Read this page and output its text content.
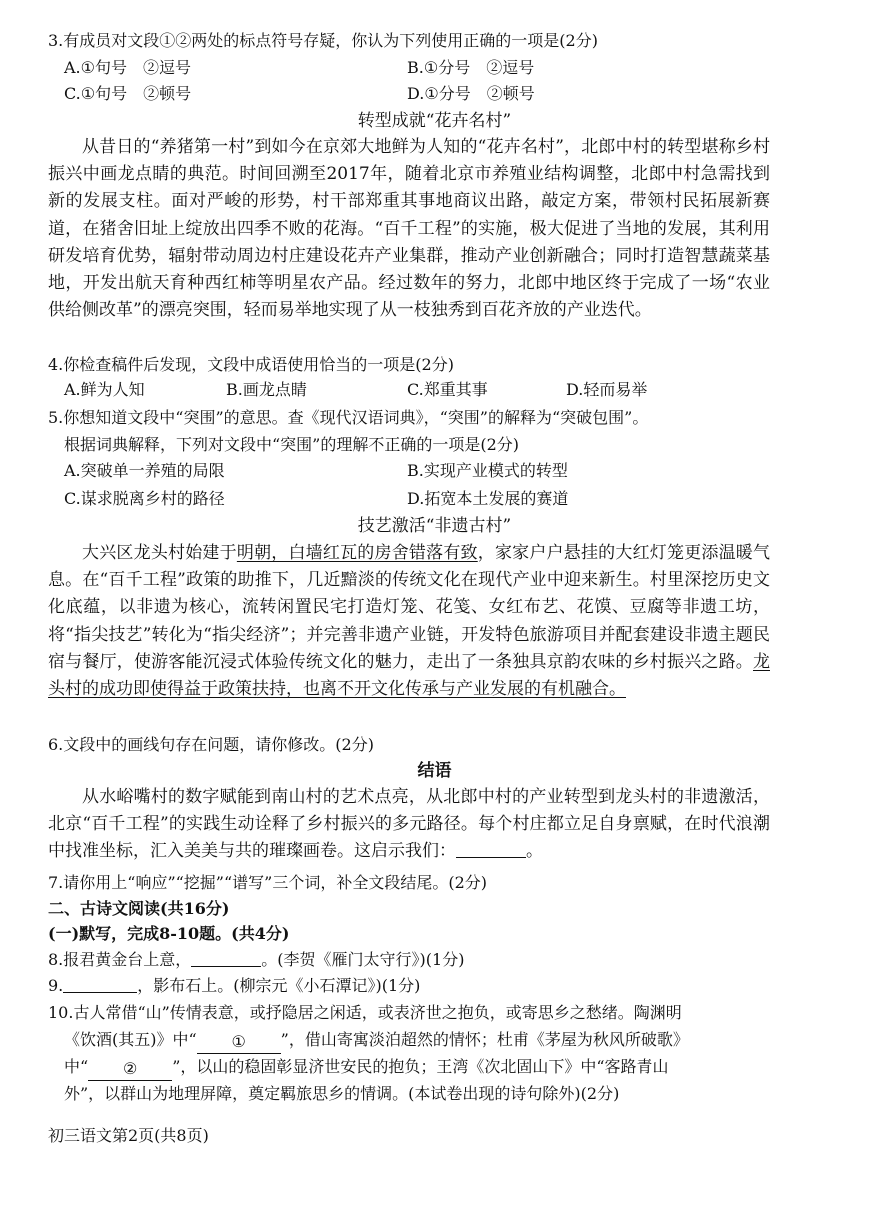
3.有成员对文段①②两处的标点符号存疑，你认为下列使用正确的一项是(2分)
A.①句号　②逗号	B.①分号　②逗号
C.①句号　②顿号	D.①分号　②顿号
转型成就“花卉名村”
从昔日的“养猪第一村”到如今在京郊大地鲜为人知的“花卉名村”，北郎中村的转型堪称乡村振兴中画龙点睛的典范。时间回溯至2017年，随着北京市养殖业结构调整，北郎中村急需找到新的发展支柱。面对严峻的形势，村干部郑重其事地商议出路，敲定方案，带领村民拓展新赛道，在猪舍旧址上绽放出四季不败的花海。“百千工程”的实施，极大促进了当地的发展，其利用研发培育优势，辐射带动周边村庄建设花卉产业集群，推动产业创新融合；同时打造智慧蔬菜基地，开发出航天育种西红柿等明星农产品。经过数年的努力，北郎中地区终于完成了一场“农业供给侧改革”的漂亮突围，轻而易举地实现了从一枝独秀到百花齐放的产业迭代。
4.你检查稿件后发现，文段中成语使用恰当的一项是(2分)
A.鲜为人知	B.画龙点睛	C.郑重其事	D.轻而易举
5.你想知道文段中“突围”的意思。查《现代汉语词典》，“突围”的解释为“突破包围”。
根据词典解释，下列对文段中“突围”的理解不正确的一项是(2分)
A.突破单一养殖的局限	B.实现产业模式的转型
C.谋求脱离乡村的路径	D.拓宽本土发展的赛道
技艺激活“非遗古村”
大兴区龙头村始建于明朝，白墙红瓦的房舍错落有致，家家户户悬挂的大红灯笼更添温暖气息。在“百千工程”政策的助推下，几近黯淡的传统文化在现代产业中迎来新生。村里深挖历史文化底蕴，以非遗为核心，流转闲置民宅打造灯笼、花笺、女红布艺、花馍、豆腐等非遗工坊，将“指尖技艺”转化为“指尖经济”；并完善非遗产业链，开发特色旅游项目并配套建设非遗主题民宿与餐厅，使游客能沉浸式体验传统文化的魅力，走出了一条独具京韵农味的乡村振兴之路。龙头村的成功即使得益于政策扶持，也离不开文化传承与产业发展的有机融合。
6.文段中的画线句存在问题，请你修改。(2分)
结语
从水峪嘴村的数字赋能到南山村的艺术点亮，从北郎中村的产业转型到龙头村的非遗激活，北京“百千工程”的实践生动诠释了乡村振兴的多元路径。每个村庄都立足自身禀赋，在时代浪潮中找准坐标，汇入美美与共的璀璨画卷。这启示我们：	。
7.请你用上“响应”“挖掘”“谱写”三个词，补全文段结尾。(2分)
二、古诗文阅读(共16分)
(一)默写，完成8-10题。(共4分)
8.报君黄金台上意，	。(李贺《雁门太守行》)(1分)
9.	，影布石上。(柳宗元《小石潭记》)(1分)
10.古人常借“山”传情表意，或抒隐居之闲适，或表济世之抱负，或寄思乡之愁绪。陶渊明
《饮酒(其五)》中“ ① ”，借山寄寓淡泊超然的情怀；杜甫《茅屋为秋风所破歌》
中“ ② ”，以山的稳固彰显济世安民的抱负；王湾《次北固山下》中“客路青山
外”，以群山为地理屏障，奠定羁旅思乡的情调。(本试卷出现的诗句除外)(2分)
初三语文第2页(共8页)
